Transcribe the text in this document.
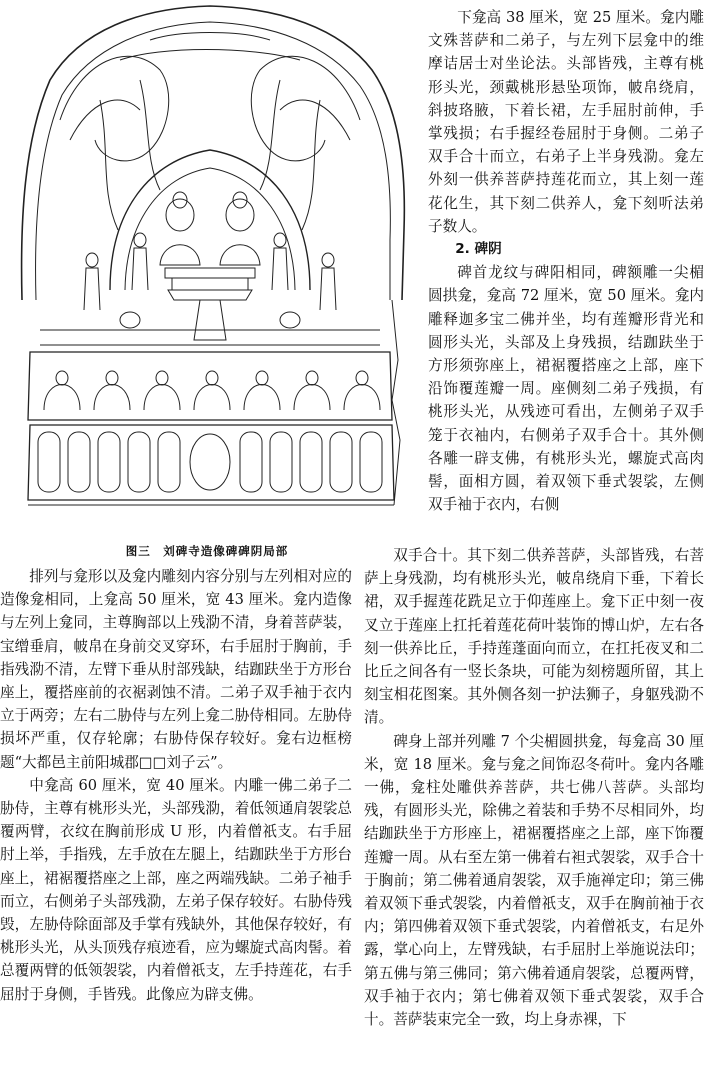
图三　刘碑寺造像碑碑阴局部

下龛高 38 厘米，宽 25 厘米。龛内雕文殊菩萨和二弟子，与左列下层龛中的维摩诘居士对坐论法。头部皆残，主尊有桃形头光，颈戴桃形悬坠项饰，帔帛绕肩，斜披珞腋，下着长裙，左手屈肘前伸，手掌残损；右手握经卷屈肘于身侧。二弟子双手合十而立，右弟子上半身残泐。龛左外刻一供养菩萨持莲花而立，其上刻一莲花化生，其下刻二供养人，龛下刻听法弟子数人。

2. 碑阴

碑首龙纹与碑阳相同，碑额雕一尖楣圆拱龛，龛高 72 厘米，宽 50 厘米。龛内雕释迦多宝二佛并坐，均有莲瓣形背光和圆形头光，头部及上身残损，结跏趺坐于方形须弥座上，裙裾覆搭座之上部，座下沿饰覆莲瓣一周。座侧刻二弟子残损，有桃形头光，从残迹可看出，左侧弟子双手笼于衣袖内，右侧弟子双手合十。其外侧各雕一辟支佛，有桃形头光，螺旋式高肉髻，面相方圆，着双领下垂式袈裟，左侧双手袖于衣内，右侧

排列与龛形以及龛内雕刻内容分别与左列相对应的造像龛相同，上龛高 50 厘米，宽 43 厘米。龛内造像与左列上龛同，主尊胸部以上残泐不清，身着菩萨装，宝缯垂肩，帔帛在身前交叉穿环，右手屈肘于胸前，手指残泐不清，左臂下垂从肘部残缺，结跏趺坐于方形台座上，覆搭座前的衣裾剥蚀不清。二弟子双手袖于衣内立于两旁；左右二胁侍与左列上龛二胁侍相同。左胁侍损坏严重，仅存轮廓；右胁侍保存较好。龛右边框榜题“大都邑主前阳城郡□□刘子云”。

中龛高 60 厘米，宽 40 厘米。内雕一佛二弟子二胁侍，主尊有桃形头光，头部残泐，着低领通肩袈裟总覆两臂，衣纹在胸前形成 U 形，内着僧祇支。右手屈肘上举，手指残，左手放在左腿上，结跏趺坐于方形台座上，裙裾覆搭座之上部，座之两端残缺。二弟子袖手而立，右侧弟子头部残泐，左弟子保存较好。右胁侍残毁，左胁侍除面部及手掌有残缺外，其他保存较好，有桃形头光，从头顶残存痕迹看，应为螺旋式高肉髻。着总覆两臂的低领袈裟，内着僧祇支，左手持莲花，右手屈肘于身侧，手皆残。此像应为辟支佛。

双手合十。其下刻二供养菩萨，头部皆残，右菩萨上身残泐，均有桃形头光，帔帛绕肩下垂，下着长裙，双手握莲花跣足立于仰莲座上。龛下正中刻一夜叉立于莲座上扛托着莲花荷叶装饰的博山炉，左右各刻一供养比丘，手持莲蓬面向而立，在扛托夜叉和二比丘之间各有一竖长条块，可能为刻榜题所留，其上刻宝相花图案。其外侧各刻一护法狮子，身躯残泐不清。

碑身上部并列雕 7 个尖楣圆拱龛，每龛高 30 厘米，宽 18 厘米。龛与龛之间饰忍冬荷叶。龛内各雕一佛，龛柱处雕供养菩萨，共七佛八菩萨。头部均残，有圆形头光，除佛之着装和手势不尽相同外，均结跏趺坐于方形座上，裙裾覆搭座之上部，座下饰覆莲瓣一周。从右至左第一佛着右袒式袈裟，双手合十于胸前；第二佛着通肩袈裟，双手施禅定印；第三佛着双领下垂式袈裟，内着僧祇支，双手在胸前袖于衣内；第四佛着双领下垂式袈裟，内着僧祇支，右足外露，掌心向上，左臂残缺，右手屈肘上举施说法印；第五佛与第三佛同；第六佛着通肩袈裟，总覆两臂，双手袖于衣内；第七佛着双领下垂式袈裟，双手合十。菩萨装束完全一致，均上身赤裸，下
